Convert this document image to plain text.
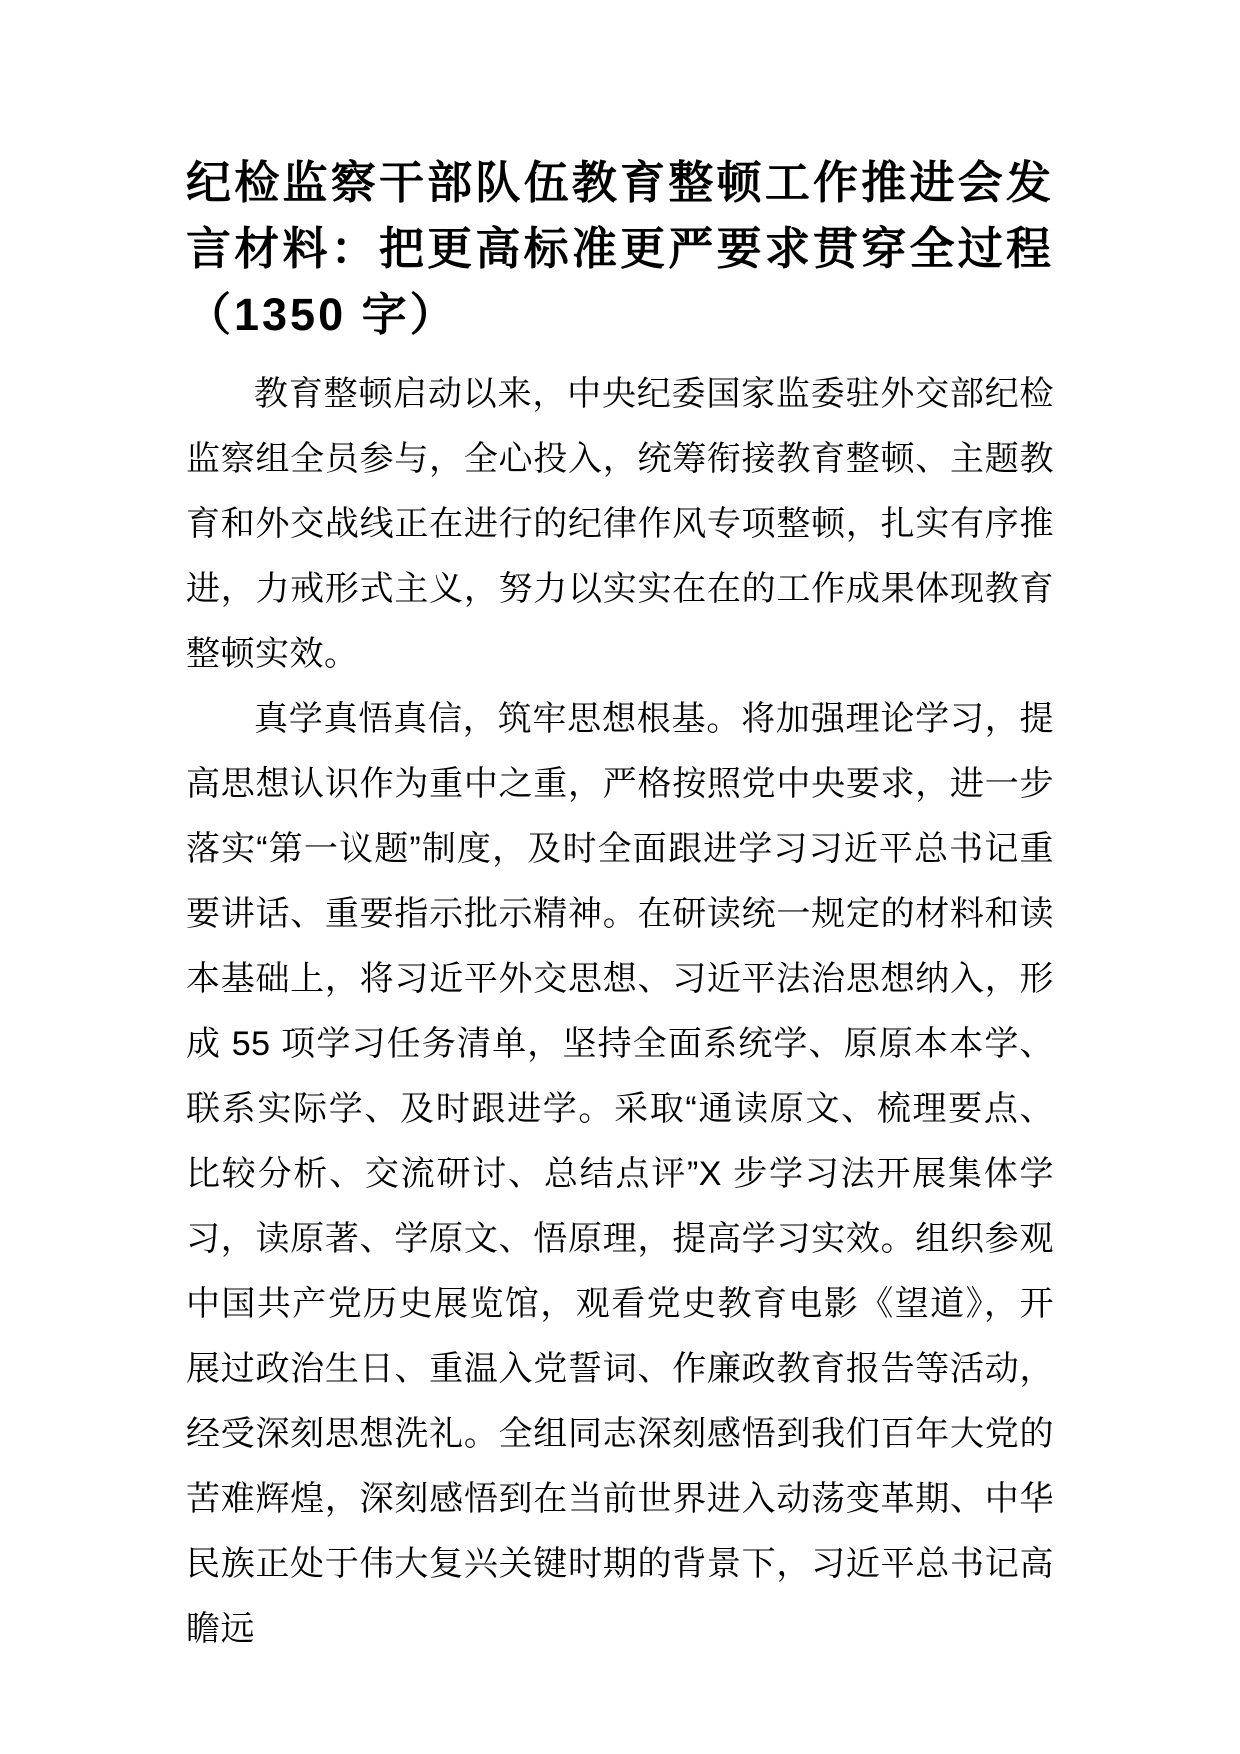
纪检监察干部队伍教育整顿工作推进会发言材料：把更高标准更严要求贯穿全过程（1350 字）

教育整顿启动以来，中央纪委国家监委驻外交部纪检监察组全员参与，全心投入，统筹衔接教育整顿、主题教育和外交战线正在进行的纪律作风专项整顿，扎实有序推进，力戒形式主义，努力以实实在在的工作成果体现教育整顿实效。

真学真悟真信，筑牢思想根基。将加强理论学习，提高思想认识作为重中之重，严格按照党中央要求，进一步落实“第一议题”制度，及时全面跟进学习习近平总书记重要讲话、重要指示批示精神。在研读统一规定的材料和读本基础上，将习近平外交思想、习近平法治思想纳入，形成 55 项学习任务清单，坚持全面系统学、原原本本学、联系实际学、及时跟进学。采取“通读原文、梳理要点、比较分析、交流研讨、总结点评”X 步学习法开展集体学习，读原著、学原文、悟原理，提高学习实效。组织参观中国共产党历史展览馆，观看党史教育电影《望道》，开展过政治生日、重温入党誓词、作廉政教育报告等活动，经受深刻思想洗礼。全组同志深刻感悟到我们百年大党的苦难辉煌，深刻感悟到在当前世界进入动荡变革期、中华民族正处于伟大复兴关键时期的背景下，习近平总书记高瞻远
